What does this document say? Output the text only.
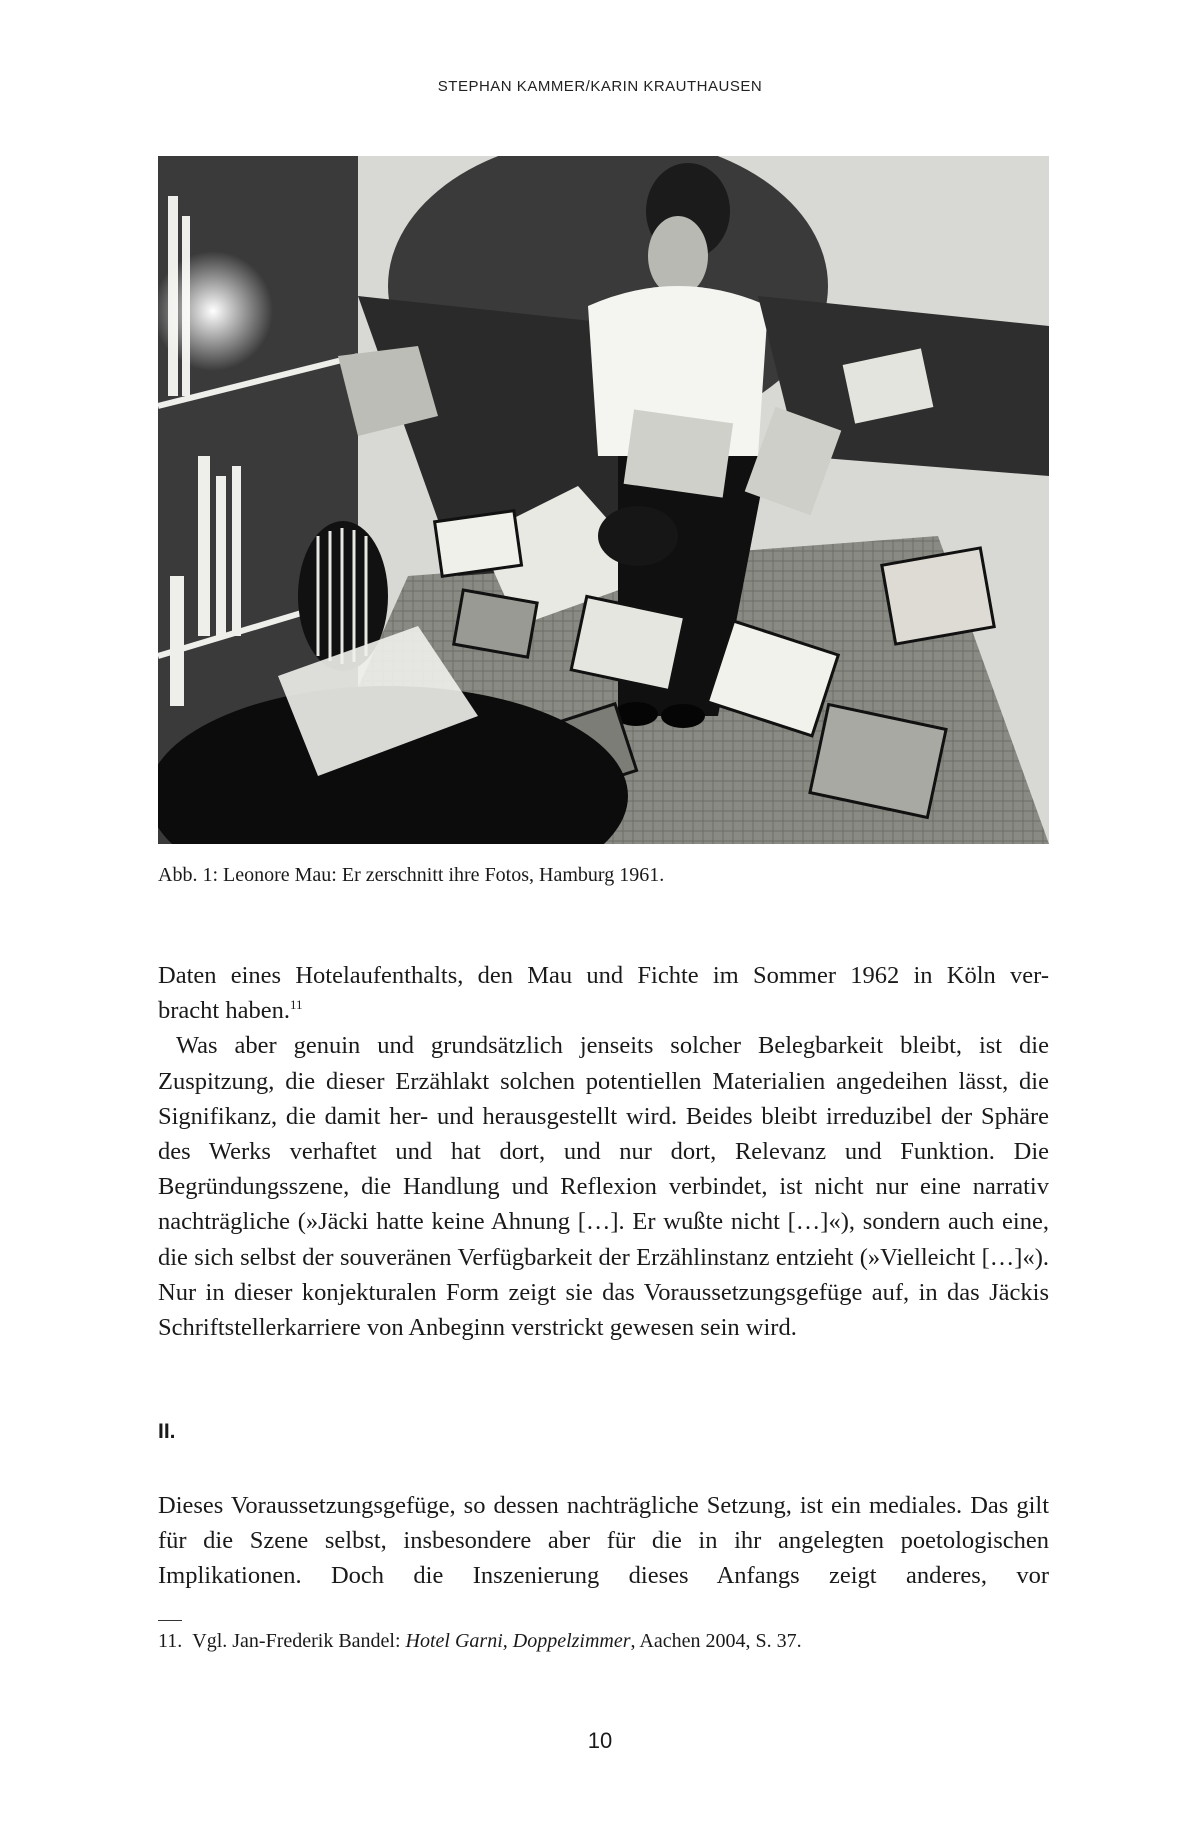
STEPHAN KAMMER/KARIN KRAUTHAUSEN
Abb. 1: Leonore Mau: Er zerschnitt ihre Fotos, Hamburg 1961.

Daten eines Hotelaufenthalts, den Mau und Fichte im Sommer 1962 in Köln ver-

bracht haben.$^{11}$

Was aber genuin und grundsätzlich jenseits solcher Belegbarkeit bleibt, ist die Zuspitzung, die dieser Erzählakt solchen potentiellen Materialien angedeihen lässt, die Signifikanz, die damit her- und herausgestellt wird. Beides bleibt irreduzibel der Sphäre des Werks verhaftet und hat dort, und nur dort, Relevanz und Funktion. Die Begründungsszene, die Handlung und Reflexion verbindet, ist nicht nur eine narrativ nachträgliche (»Jäcki hatte keine Ahnung […]. Er wußte nicht […]«), sondern auch eine, die sich selbst der souveränen Verfügbarkeit der Erzählinstanz entzieht (»Vielleicht […]«). Nur in dieser konjekturalen Form zeigt sie das Voraussetzungsgefüge auf, in das Jäckis Schriftstellerkarriere von Anbeginn verstrickt gewesen sein wird.

II.

Dieses Voraussetzungsgefüge, so dessen nachträgliche Setzung, ist ein mediales. Das gilt für die Szene selbst, insbesondere aber für die in ihr angelegten poetologischen Implikationen. Doch die Inszenierung dieses Anfangs zeigt anderes, vor

11. Vgl. Jan-Frederik Bandel: Hotel Garni, Doppelzimmer, Aachen 2004, S. 37.
10
